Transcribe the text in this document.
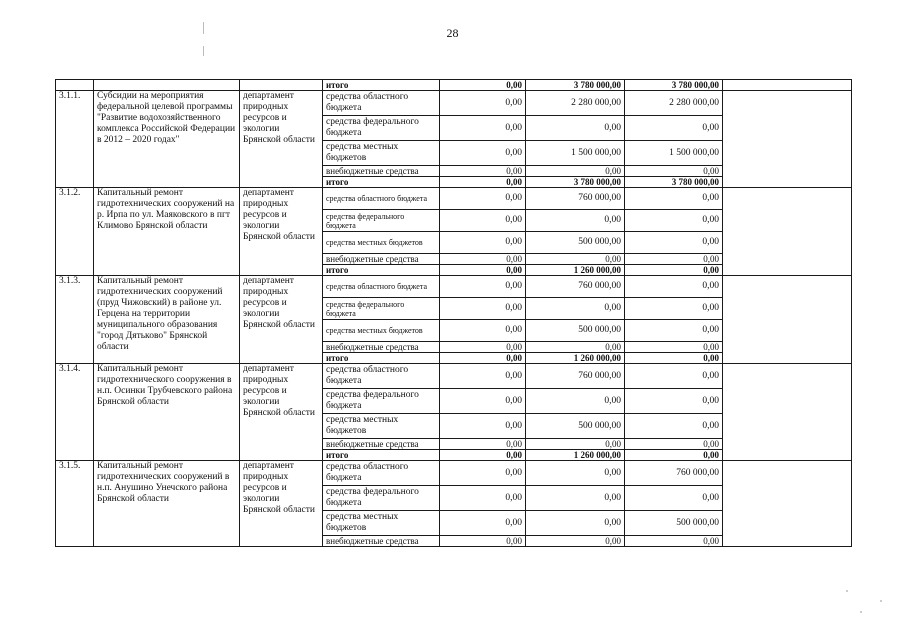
28
			итого	0,00	3 780 000,00	3 780 000,00	
3.1.1.	Субсидии на мероприятия федеральной целевой программы "Развитие водохозяйственного комплекса Российской Федерации в 2012 – 2020 годах"	департамент природных ресурсов и экологии Брянской области	средства областного бюджета	0,00	2 280 000,00	2 280 000,00	
			средства федерального бюджета	0,00	0,00	0,00	
			средства местных бюджетов	0,00	1 500 000,00	1 500 000,00	
			внебюджетные средства	0,00	0,00	0,00	
			итого	0,00	3 780 000,00	3 780 000,00	
3.1.2.	Капитальный ремонт гидротехнических сооружений на р. Ирпа по ул. Маяковского в пгт Климово Брянской области	департамент природных ресурсов и экологии Брянской области	средства областного бюджета	0,00	760 000,00	0,00	
			средства федерального бюджета	0,00	0,00	0,00	
			средства местных бюджетов	0,00	500 000,00	0,00	
			внебюджетные средства	0,00	0,00	0,00	
			итого	0,00	1 260 000,00	0,00	
3.1.3.	Капитальный ремонт гидротехнических сооружений (пруд Чижовский) в районе ул. Герцена на территории муниципального образования "город Дятьково" Брянской области	департамент природных ресурсов и экологии Брянской области	средства областного бюджета	0,00	760 000,00	0,00	
			средства федерального бюджета	0,00	0,00	0,00	
			средства местных бюджетов	0,00	500 000,00	0,00	
			внебюджетные средства	0,00	0,00	0,00	
			итого	0,00	1 260 000,00	0,00	
3.1.4.	Капитальный ремонт гидротехнического сооружения в н.п. Осинки Трубчевского района Брянской области	департамент природных ресурсов и экологии Брянской области	средства областного бюджета	0,00	760 000,00	0,00	
			средства федерального бюджета	0,00	0,00	0,00	
			средства местных бюджетов	0,00	500 000,00	0,00	
			внебюджетные средства	0,00	0,00	0,00	
			итого	0,00	1 260 000,00	0,00	
3.1.5.	Капитальный ремонт гидротехнических сооружений в н.п. Анушино Унечского района Брянской области	департамент природных ресурсов и экологии Брянской области	средства областного бюджета	0,00	0,00	760 000,00	
			средства федерального бюджета	0,00	0,00	0,00	
			средства местных бюджетов	0,00	0,00	500 000,00	
			внебюджетные средства	0,00	0,00	0,00	
